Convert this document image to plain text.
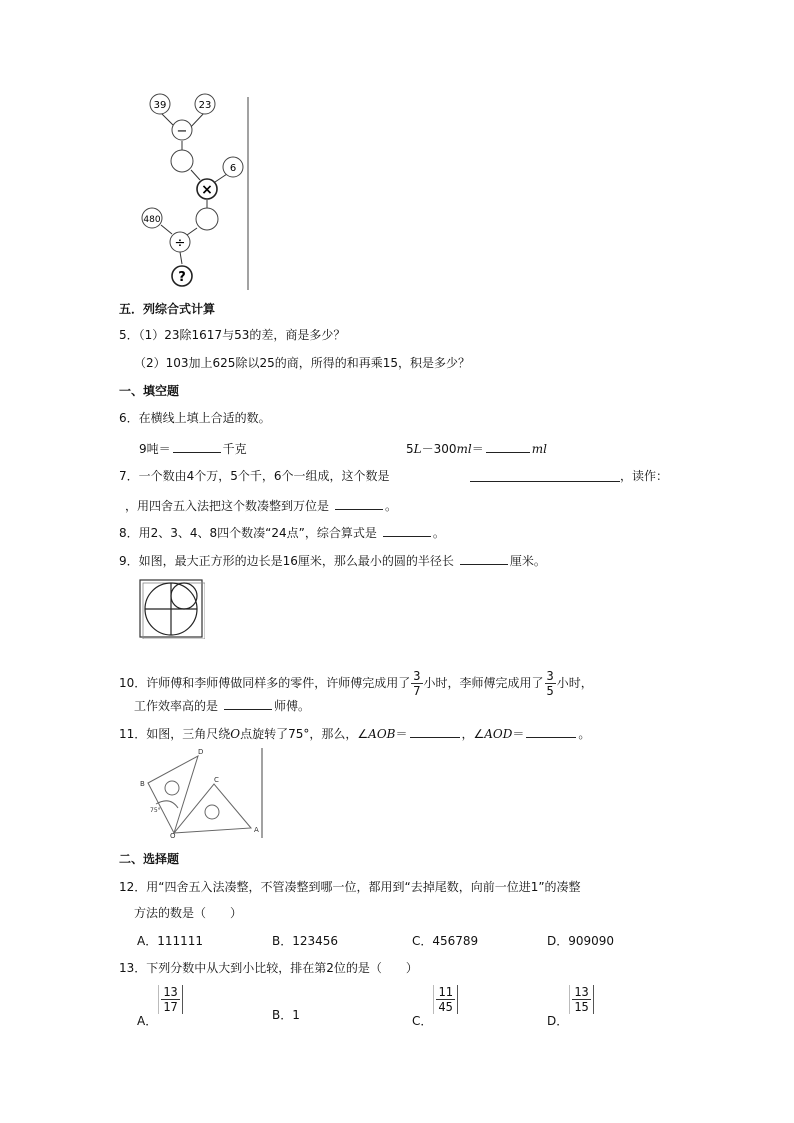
39	23
−
6
×
480
÷
?
五．列综合式计算
5．（1）23除1617与53的差，商是多少？
（2）103加上625除以25的商，所得的和再乘15，积是多少？
一、填空题
6．在横线上填上合适的数。
9吨＝	千克	5L－300ml＝	ml
7．一个数由4个万，5个千，6个一组成，这个数是	，读作：
，用四舍五入法把这个数凑整到万位是	。
8．用2、3、4、8四个数凑“24点”，综合算式是	。
9．如图，最大正方形的边长是16厘米，那么最小的圆的半径长	厘米。
10．许师傅和李师傅做同样多的零件，许师傅完成用了 $\frac{3}{7}$ 小时，李师傅完成用了 $\frac{3}{5}$ 小时，
工作效率高的是	师傅。
11．如图，三角尺绕O点旋转了75°，那么，∠AOB＝	，∠AOD＝	。
D
B	C
A
O
75°
二、选择题
12．用“四舍五入法凑整，不管凑整到哪一位，都用到“去掉尾数，向前一位进1”的凑整
方法的数是（　　）
A．111111	B．123456	C．456789	D．909090
13．下列分数中从大到小比较，排在第2位的是（　　）
A．
$\frac{13}{17}$
B．1	C．
$\frac{11}{45}$
D．
$\frac{13}{15}$
